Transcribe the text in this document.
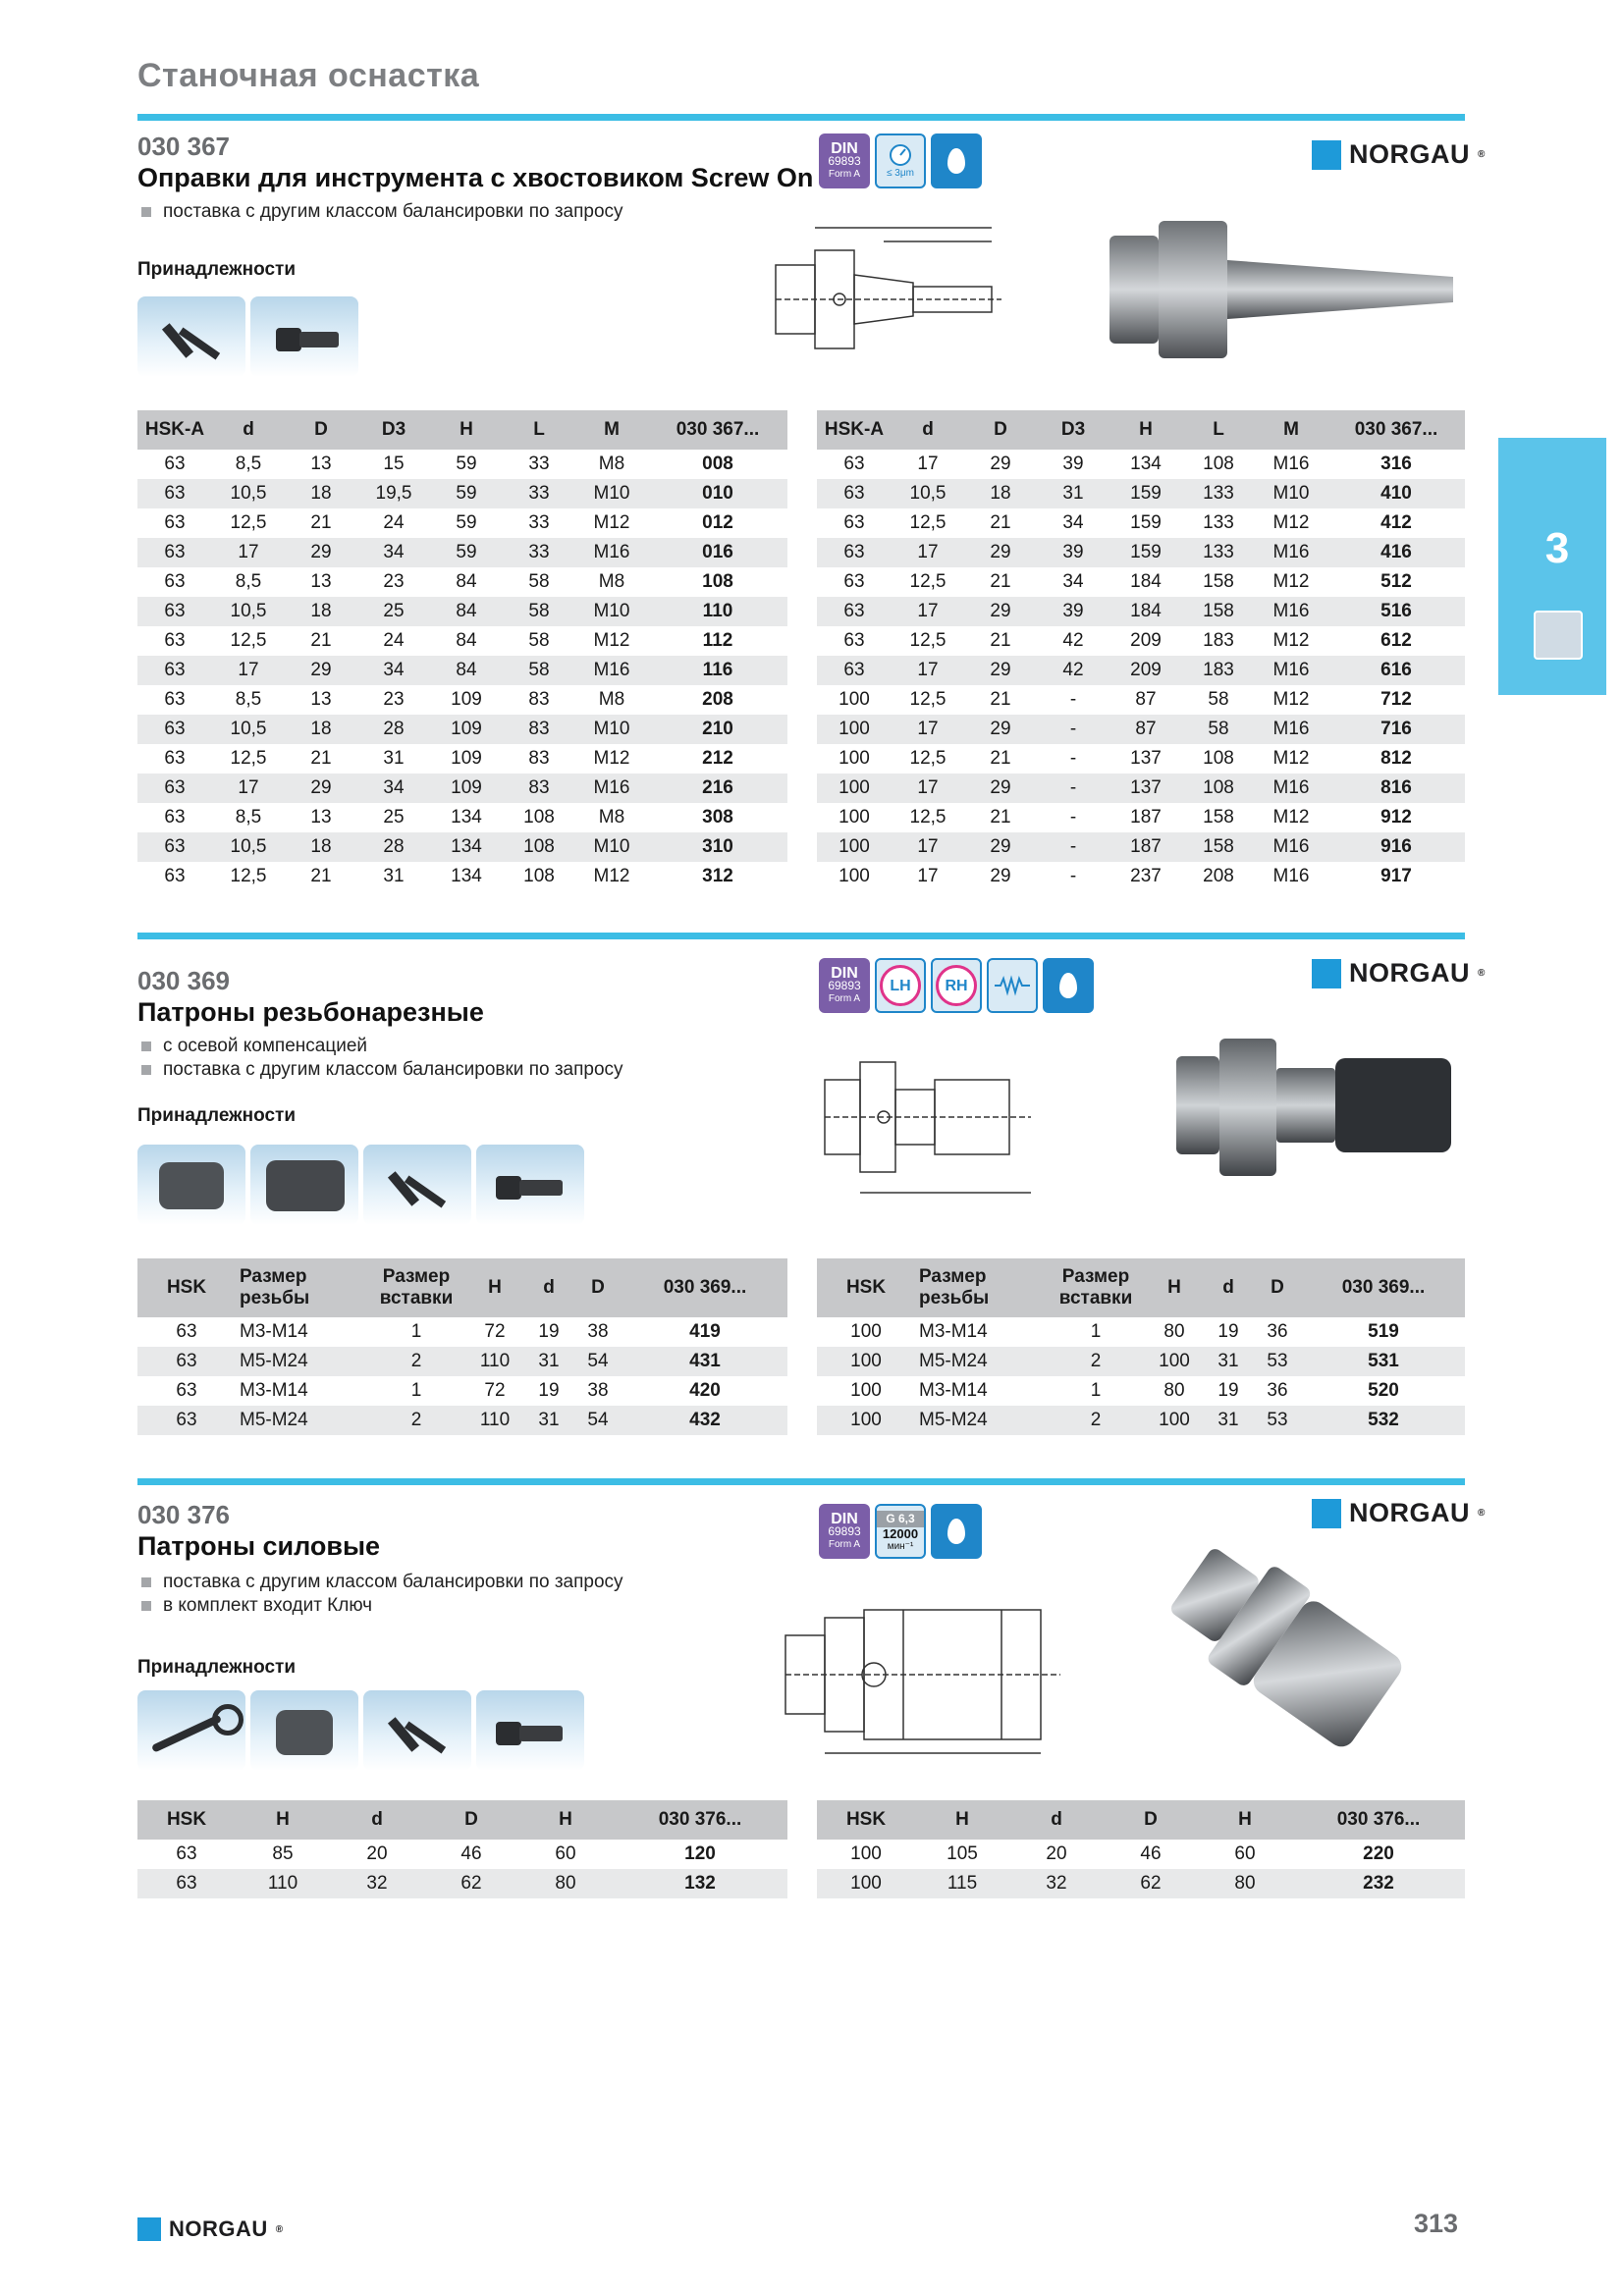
Станочная оснастка
3
030 367
Оправки для инструмента с хвостовиком Screw On
поставка с другим классом балансировки по запросу
Принадлежности
DIN
69893
Form A	≤ 3μm
NORGAU ®
HSK-A	d	D	D3	H	L	M	030 367...
63	8,5	13	15	59	33	M8	008
63	10,5	18	19,5	59	33	M10	010
63	12,5	21	24	59	33	M12	012
63	17	29	34	59	33	M16	016
63	8,5	13	23	84	58	M8	108
63	10,5	18	25	84	58	M10	110
63	12,5	21	24	84	58	M12	112
63	17	29	34	84	58	M16	116
63	8,5	13	23	109	83	M8	208
63	10,5	18	28	109	83	M10	210
63	12,5	21	31	109	83	M12	212
63	17	29	34	109	83	M16	216
63	8,5	13	25	134	108	M8	308
63	10,5	18	28	134	108	M10	310
63	12,5	21	31	134	108	M12	312
HSK-A	d	D	D3	H	L	M	030 367...
63	17	29	39	134	108	M16	316
63	10,5	18	31	159	133	M10	410
63	12,5	21	34	159	133	M12	412
63	17	29	39	159	133	M16	416
63	12,5	21	34	184	158	M12	512
63	17	29	39	184	158	M16	516
63	12,5	21	42	209	183	M12	612
63	17	29	42	209	183	M16	616
100	12,5	21	-	87	58	M12	712
100	17	29	-	87	58	M16	716
100	12,5	21	-	137	108	M12	812
100	17	29	-	137	108	M16	816
100	12,5	21	-	187	158	M12	912
100	17	29	-	187	158	M16	916
100	17	29	-	237	208	M16	917
030 369
Патроны резьбонарезные
с осевой компенсацией
поставка с другим классом балансировки по запросу
Принадлежности
DIN
69893
Form A
LH	RH	NORGAU ®
HSK	Размер резьбы	Размер вставки	H	d	D	030 369...
63	M3-M14	1	72	19	38	419
63	M5-M24	2	110	31	54	431
63	M3-M14	1	72	19	38	420
63	M5-M24	2	110	31	54	432
HSK	Размер резьбы	Размер вставки	H	d	D	030 369...
100	M3-M14	1	80	19	36	519
100	M5-M24	2	100	31	53	531
100	M3-M14	1	80	19	36	520
100	M5-M24	2	100	31	53	532
030 376
Патроны силовые
поставка с другим классом балансировки по запросу
в комплект входит Ключ
Принадлежности
DIN
69893
Form A
G 6,3
12000
мин⁻¹
NORGAU ®
HSK	H	d	D	H	030 376...
63	85	20	46	60	120
63	110	32	62	80	132
HSK	H	d	D	H	030 376...
100	105	20	46	60	220
100	115	32	62	80	232
NORGAU ®	313
